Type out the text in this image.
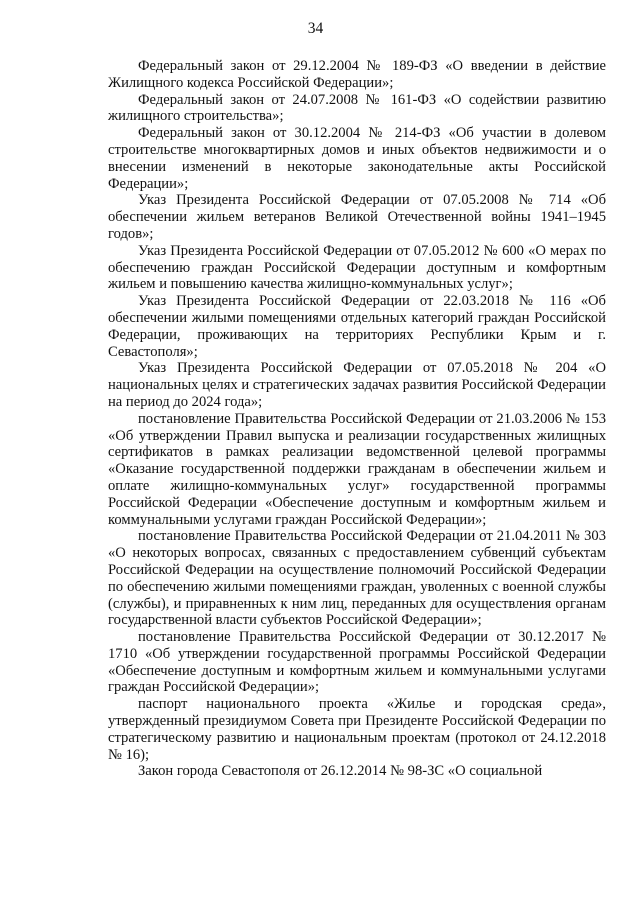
34

Федеральный закон от 29.12.2004 № 189-ФЗ «О введении в действие Жилищного кодекса Российской Федерации»;

Федеральный закон от 24.07.2008 № 161-ФЗ «О содействии развитию жилищного строительства»;

Федеральный закон от 30.12.2004 № 214-ФЗ «Об участии в долевом строительстве многоквартирных домов и иных объектов недвижимости и о внесении изменений в некоторые законодательные акты Российской Федерации»;

Указ Президента Российской Федерации от 07.05.2008 № 714 «Об обеспечении жильем ветеранов Великой Отечественной войны 1941–1945 годов»;

Указ Президента Российской Федерации от 07.05.2012 № 600 «О мерах по обеспечению граждан Российской Федерации доступным и комфортным жильем и повышению качества жилищно-коммунальных услуг»;

Указ Президента Российской Федерации от 22.03.2018 № 116 «Об обеспечении жилыми помещениями отдельных категорий граждан Российской Федерации, проживающих на территориях Республики Крым и г. Севастополя»;

Указ Президента Российской Федерации от 07.05.2018 № 204 «О национальных целях и стратегических задачах развития Российской Федерации на период до 2024 года»;

постановление Правительства Российской Федерации от 21.03.2006 № 153 «Об утверждении Правил выпуска и реализации государственных жилищных сертификатов в рамках реализации ведомственной целевой программы «Оказание государственной поддержки гражданам в обеспечении жильем и оплате жилищно-коммунальных услуг» государственной программы Российской Федерации «Обеспечение доступным и комфортным жильем и коммунальными услугами граждан Российской Федерации»;

постановление Правительства Российской Федерации от 21.04.2011 № 303 «О некоторых вопросах, связанных с предоставлением субвенций субъектам Российской Федерации на осуществление полномочий Российской Федерации по обеспечению жилыми помещениями граждан, уволенных с военной службы (службы), и приравненных к ним лиц, переданных для осуществления органам государственной власти субъектов Российской Федерации»;

постановление Правительства Российской Федерации от 30.12.2017 № 1710 «Об утверждении государственной программы Российской Федерации «Обеспечение доступным и комфортным жильем и коммунальными услугами граждан Российской Федерации»;

паспорт национального проекта «Жилье и городская среда», утвержденный президиумом Совета при Президенте Российской Федерации по стратегическому развитию и национальным проектам (протокол от 24.12.2018 № 16);

Закон города Севастополя от 26.12.2014 № 98-ЗС «О социальной
